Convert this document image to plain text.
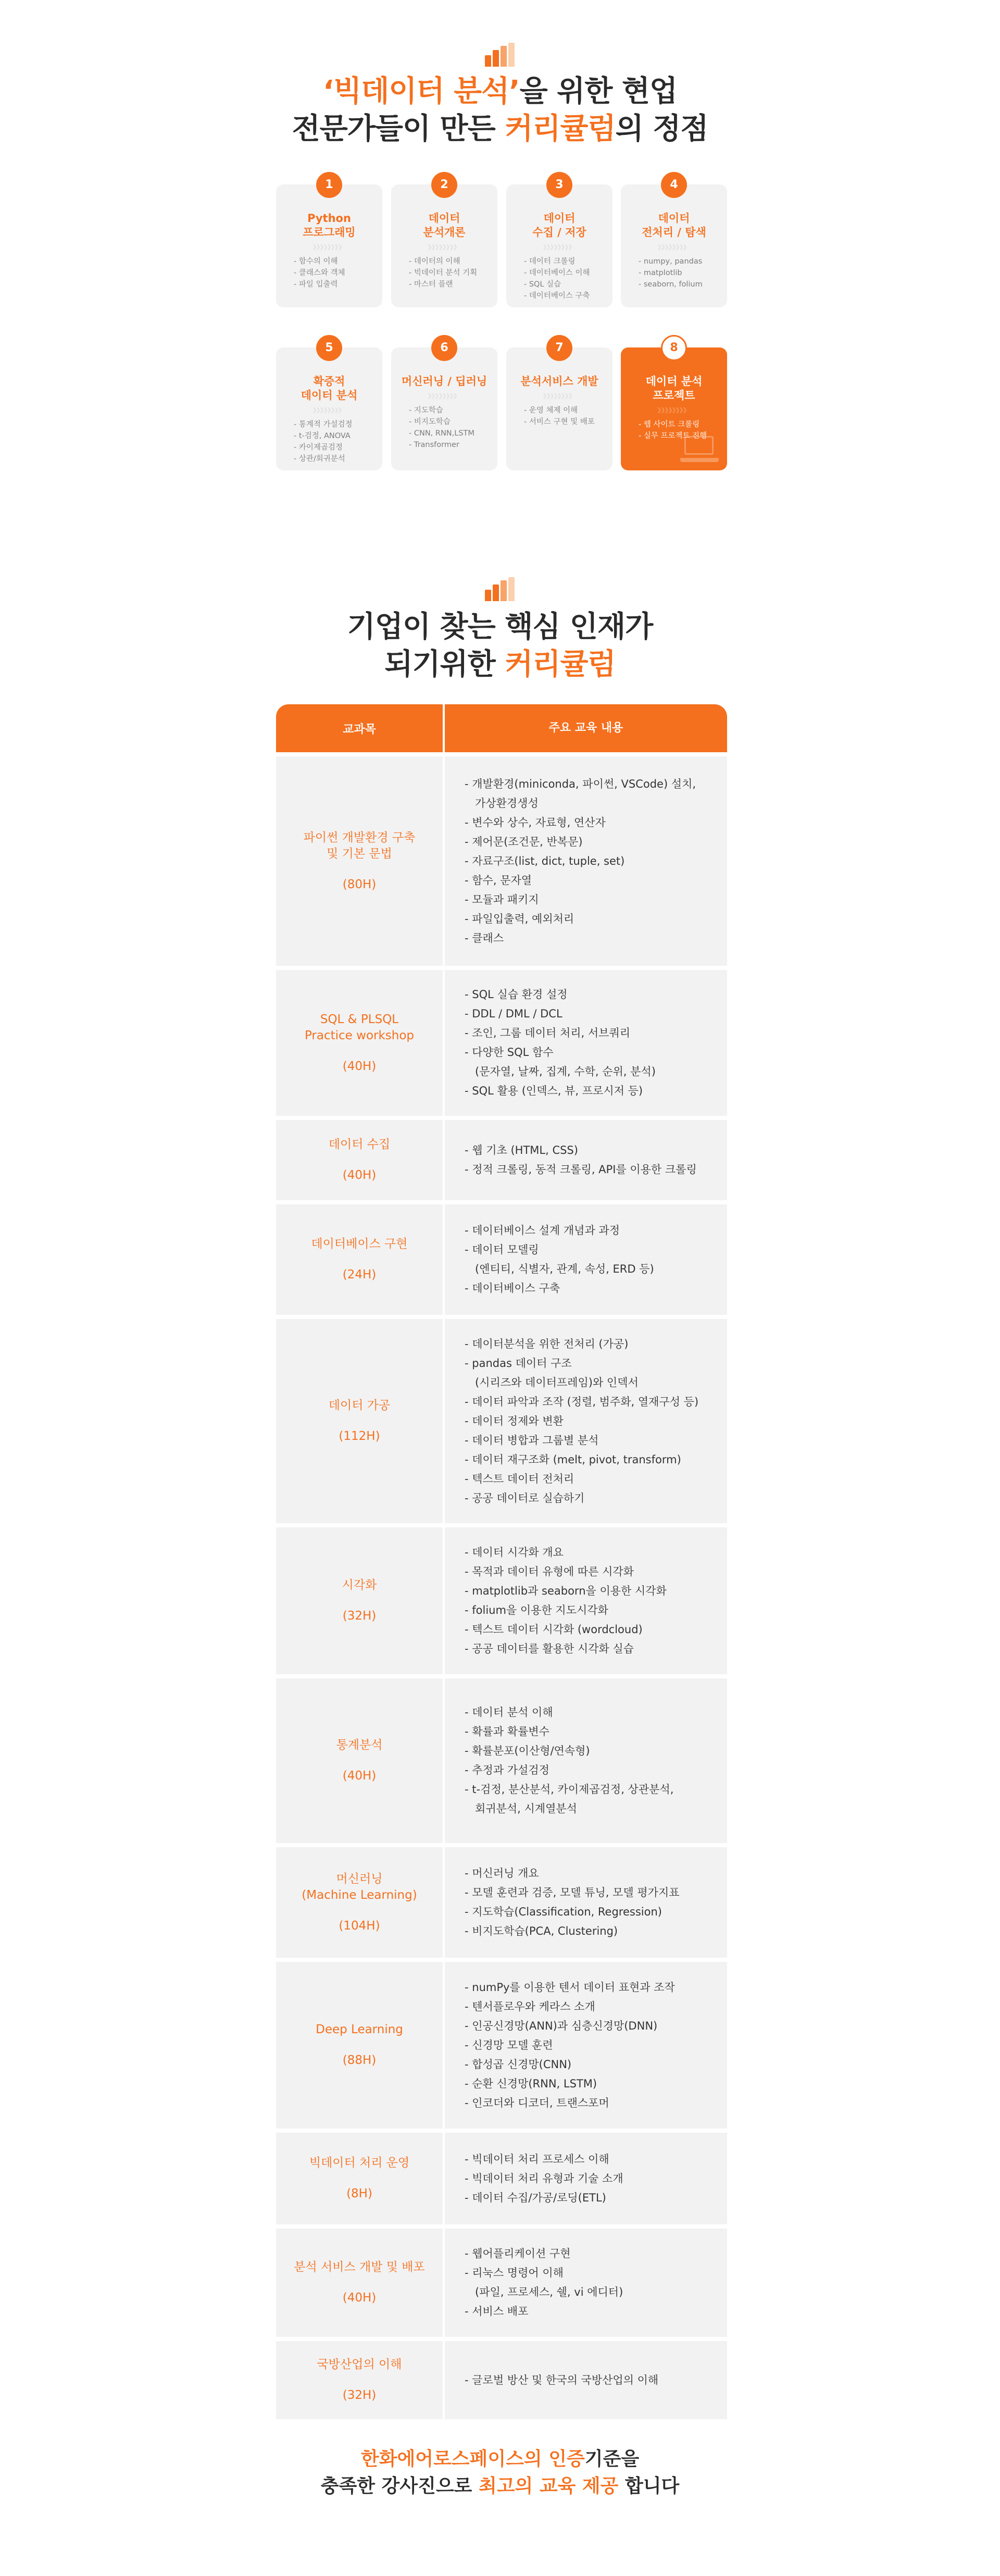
‘빅데이터 분석’을 위한 현업
전문가들이 만든 커리큘럼의 정점
1
Python
프로그래밍
》》》》》》》》
- 함수의 이해
- 클래스와 객체
- 파일 입출력
2
데이터
분석개론
》》》》》》》》
- 데이터의 이해
- 빅데이터 분석 기획
- 마스터 플랜
3
데이터
수집 / 저장
》》》》》》》》
- 데이터 크롤링
- 데이터베이스 이해
- SQL 실습
- 데이터베이스 구축
4
데이터
전처리 / 탐색
》》》》》》》》
- numpy, pandas
- matplotlib
- seaborn, folium
5
확증적
데이터 분석
》》》》》》》》
- 통계적 가설검정
- t-검정, ANOVA
- 카이제곱검정
- 상관/회귀분석
6
머신러닝 / 딥러닝
》》》》》》》》
- 지도학습
- 비지도학습
- CNN, RNN,LSTM
- Transformer
7
분석서비스 개발
》》》》》》》》
- 운영 체제 이해
- 서비스 구현 및 배포
8
데이터 분석
프로젝트
》》》》》》》》
- 웹 사이트 크롤링
- 실무 프로젝트 진행
기업이 찾는 핵심 인재가
되기위한 커리큘럼
교과목	주요 교육 내용
파이썬 개발환경 구축
및 기본 문법
(80H)
- 개발환경(miniconda, 파이썬, VSCode) 설치,
가상환경생성
- 변수와 상수, 자료형, 연산자
- 제어문(조건문, 반복문)
- 자료구조(list, dict, tuple, set)
- 함수, 문자열
- 모듈과 패키지
- 파일입출력, 예외처리
- 클래스
SQL & PLSQL
Practice workshop
(40H)
- SQL 실습 환경 설정
- DDL / DML / DCL
- 조인, 그룹 데이터 처리, 서브쿼리
- 다양한 SQL 함수
(문자열, 날짜, 집계, 수학, 순위, 분석)
- SQL 활용 (인덱스, 뷰, 프로시저 등)
데이터 수집
(40H)
- 웹 기초 (HTML, CSS)
- 정적 크롤링, 동적 크롤링, API를 이용한 크롤링
데이터베이스 구현
(24H)
- 데이터베이스 설계 개념과 과정
- 데이터 모델링
(엔티티, 식별자, 관계, 속성, ERD 등)
- 데이터베이스 구축
데이터 가공
(112H)
- 데이터분석을 위한 전처리 (가공)
- pandas 데이터 구조
(시리즈와 데이터프레임)와 인덱서
- 데이터 파악과 조작 (정렬, 범주화, 열재구성 등)
- 데이터 정제와 변환
- 데이터 병합과 그룹별 분석
- 데이터 재구조화 (melt, pivot, transform)
- 텍스트 데이터 전처리
- 공공 데이터로 실습하기
시각화
(32H)
- 데이터 시각화 개요
- 목적과 데이터 유형에 따른 시각화
- matplotlib과 seaborn을 이용한 시각화
- folium을 이용한 지도시각화
- 텍스트 데이터 시각화 (wordcloud)
- 공공 데이터를 활용한 시각화 실습
통계분석
(40H)
- 데이터 분석 이해
- 확률과 확률변수
- 확률분포(이산형/연속형)
- 추정과 가설검정
- t-검정, 분산분석, 카이제곱검정, 상관분석,
회귀분석, 시계열분석
머신러닝
(Machine Learning)
(104H)
- 머신러닝 개요
- 모델 훈련과 검증, 모델 튜닝, 모델 평가지표
- 지도학습(Classification, Regression)
- 비지도학습(PCA, Clustering)
Deep Learning
(88H)
- numPy를 이용한 텐서 데이터 표현과 조작
- 텐서플로우와 케라스 소개
- 인공신경망(ANN)과 심층신경망(DNN)
- 신경망 모델 훈련
- 합성곱 신경망(CNN)
- 순환 신경망(RNN, LSTM)
- 인코더와 디코더, 트랜스포머
빅데이터 처리 운영
(8H)
- 빅데이터 처리 프로세스 이해
- 빅데이터 처리 유형과 기술 소개
- 데이터 수집/가공/로딩(ETL)
분석 서비스 개발 및 배포
(40H)
- 웹어플리케이션 구현
- 리눅스 명령어 이해
(파일, 프로세스, 쉘, vi 에디터)
- 서비스 배포
국방산업의 이해
(32H)
- 글로벌 방산 및 한국의 국방산업의 이해
한화에어로스페이스의 인증기준을
충족한 강사진으로 최고의 교육 제공 합니다
